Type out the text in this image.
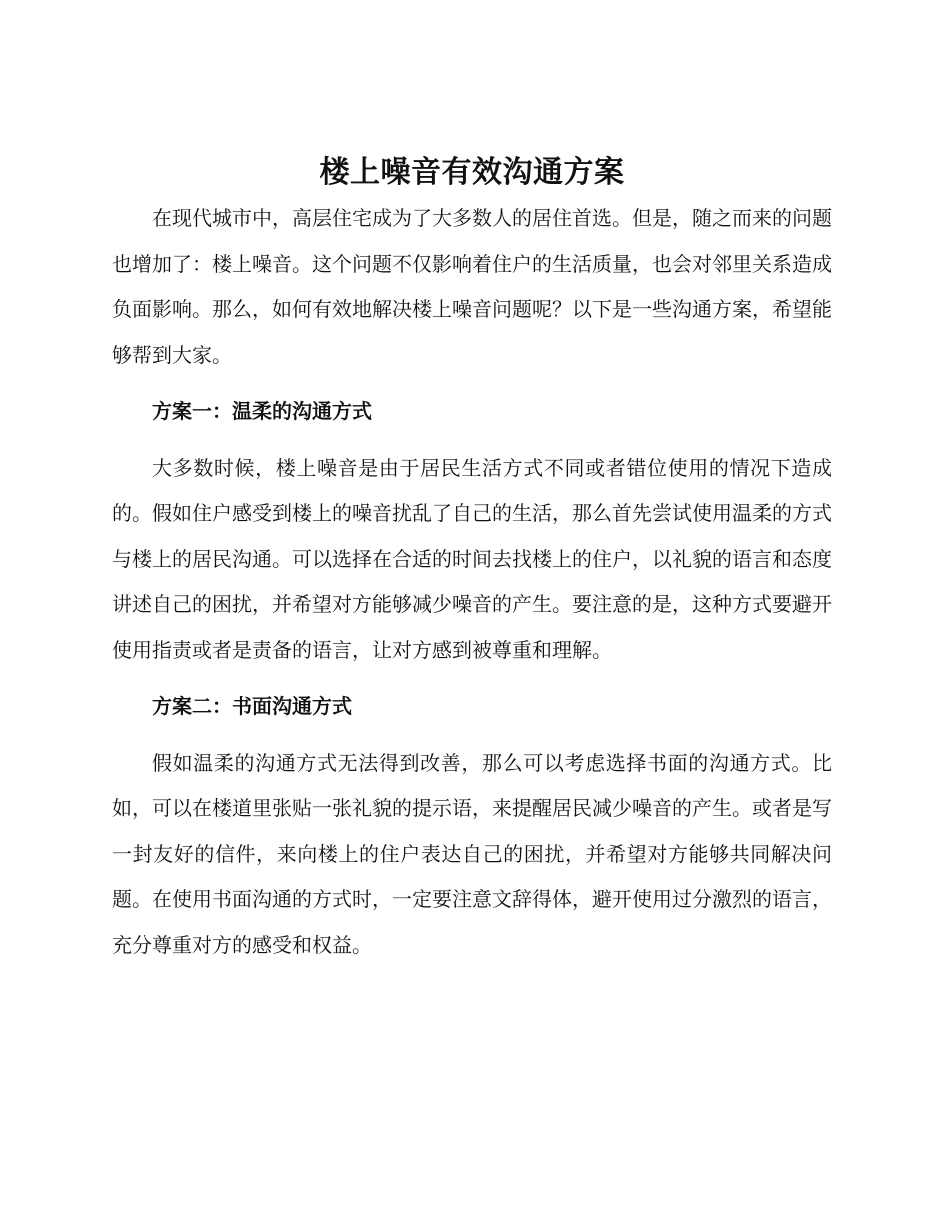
楼上噪音有效沟通方案

在现代城市中，高层住宅成为了大多数人的居住首选。但是，随之而来的问题也增加了：楼上噪音。这个问题不仅影响着住户的生活质量，也会对邻里关系造成负面影响。那么，如何有效地解决楼上噪音问题呢？以下是一些沟通方案，希望能够帮到大家。

方案一：温柔的沟通方式

大多数时候，楼上噪音是由于居民生活方式不同或者错位使用的情况下造成的。假如住户感受到楼上的噪音扰乱了自己的生活，那么首先尝试使用温柔的方式与楼上的居民沟通。可以选择在合适的时间去找楼上的住户，以礼貌的语言和态度讲述自己的困扰，并希望对方能够减少噪音的产生。要注意的是，这种方式要避开使用指责或者是责备的语言，让对方感到被尊重和理解。

方案二：书面沟通方式

假如温柔的沟通方式无法得到改善，那么可以考虑选择书面的沟通方式。比如，可以在楼道里张贴一张礼貌的提示语，来提醒居民减少噪音的产生。或者是写一封友好的信件，来向楼上的住户表达自己的困扰，并希望对方能够共同解决问题。在使用书面沟通的方式时，一定要注意文辞得体，避开使用过分激烈的语言，充分尊重对方的感受和权益。
